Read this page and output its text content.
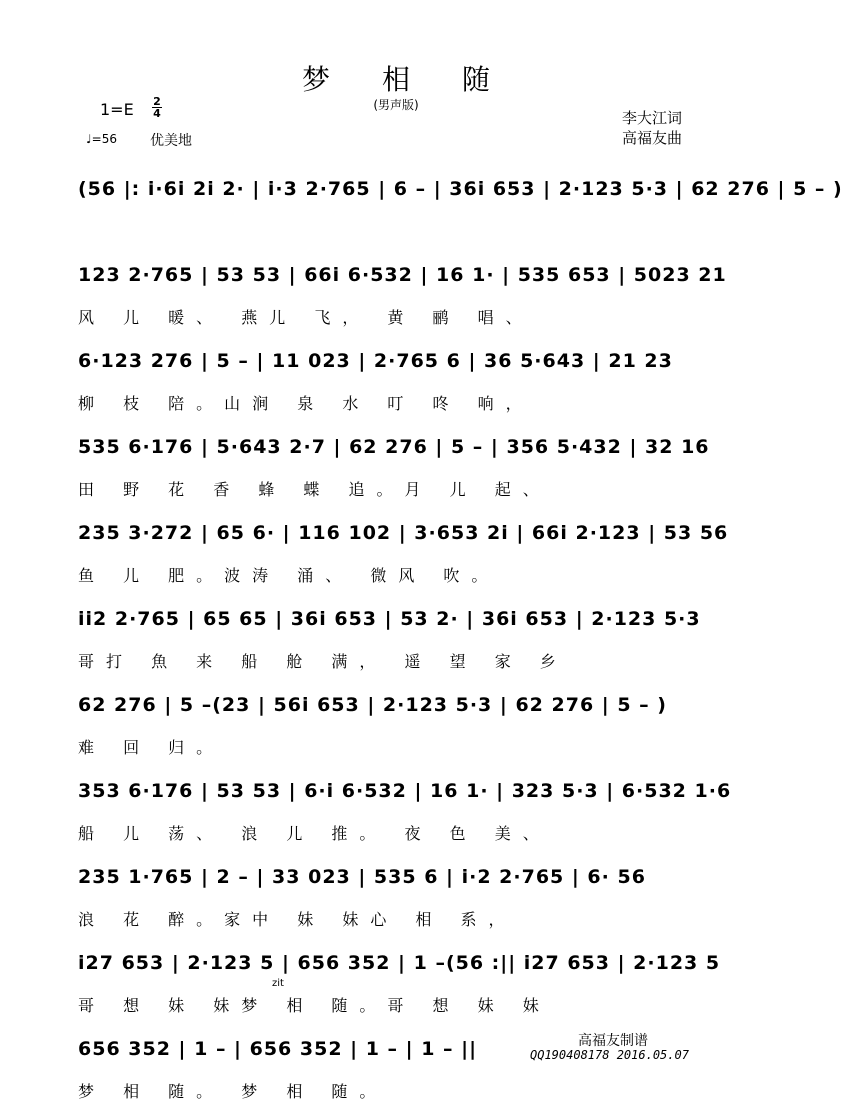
梦相随
(男声版)
1=E 2
4
♩=56 优美地
李大江词
高福友曲
(56 |: i·6i 2i 2· | i·3 2·765 | 6 – | 36i 653 | 2·123 5·3 | 62 276 | 5 – )
123 2·765 | 53 53 | 66i 6·532 | 16 1· | 535 653 | 5023 21
风 儿 暖、 燕儿 飞， 黄 鹂 唱、
6·123 276 | 5 – | 11 023 | 2·765 6 | 36 5·643 | 21 23
柳 枝 陪。山涧 泉 水 叮 咚 响，
535 6·176 | 5·643 2·7 | 62 276 | 5 – | 356 5·432 | 32 16
田 野 花 香 蜂 蝶 追。月 儿 起、
235 3·272 | 65 6· | 116 102 | 3·653 2i | 66i 2·123 | 53 56
鱼 儿 肥。波涛 涌、 微风 吹。
ii2 2·765 | 65 65 | 36i 653 | 53 2· | 36i 653 | 2·123 5·3
哥打 魚 来 船 舱 满， 遥 望 家 乡
62 276 | 5 –(23 | 56i 653 | 2·123 5·3 | 62 276 | 5 – )
难 回 归。
353 6·176 | 53 53 | 6·i 6·532 | 16 1· | 323 5·3 | 6·532 1·6
船 儿 荡、 浪 儿 推。 夜 色 美、
235 1·765 | 2 – | 33 023 | 535 6 | i·2 2·765 | 6· 56
浪 花 醉。家中 妹 妹心 相 系，
i27 653 | 2·123 5 | 656 352 | 1 –(56 :|| i27 653 | 2·123 5
哥 想 妹 妹梦 相 随。哥 想 妹 妹
656 352 | 1 – | 656 352 | 1 – | 1 – ||
梦 相 随。 梦 相 随。
zit
高福友制谱
QQ190408178 2016.05.07
